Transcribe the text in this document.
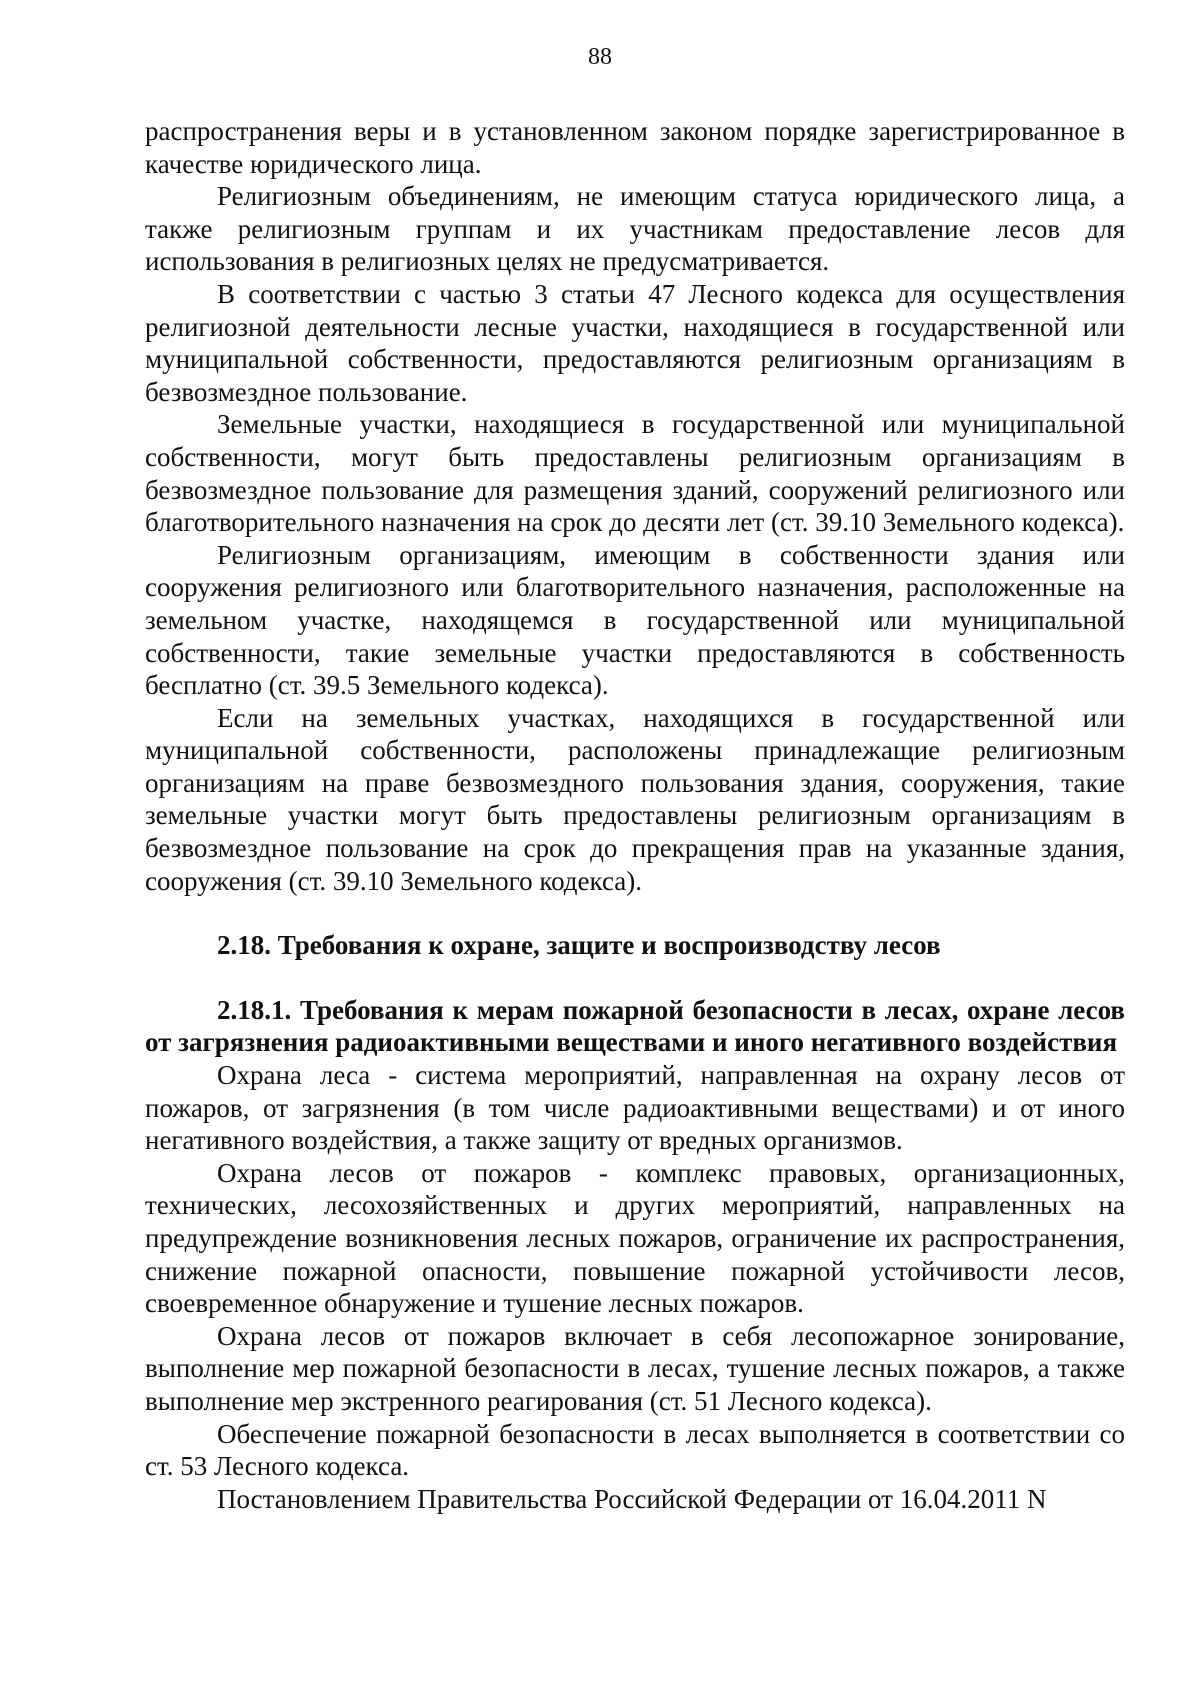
88

распространения веры и в установленном законом порядке зарегистрированное в качестве юридического лица.

Религиозным объединениям, не имеющим статуса юридического лица, а также религиозным группам и их участникам предоставление лесов для использования в религиозных целях не предусматривается.

В соответствии с частью 3 статьи 47 Лесного кодекса для осуществления религиозной деятельности лесные участки, находящиеся в государственной или муниципальной собственности, предоставляются религиозным организациям в безвозмездное пользование.

Земельные участки, находящиеся в государственной или муниципальной собственности, могут быть предоставлены религиозным организациям в безвозмездное пользование для размещения зданий, сооружений религиозного или благотворительного назначения на срок до десяти лет (ст. 39.10 Земельного кодекса).

Религиозным организациям, имеющим в собственности здания или сооружения религиозного или благотворительного назначения, расположенные на земельном участке, находящемся в государственной или муниципальной собственности, такие земельные участки предоставляются в собственность бесплатно (ст. 39.5 Земельного кодекса).

Если на земельных участках, находящихся в государственной или муниципальной собственности, расположены принадлежащие религиозным организациям на праве безвозмездного пользования здания, сооружения, такие земельные участки могут быть предоставлены религиозным организациям в безвозмездное пользование на срок до прекращения прав на указанные здания, сооружения (ст. 39.10 Земельного кодекса).

2.18. Требования к охране, защите и воспроизводству лесов

2.18.1. Требования к мерам пожарной безопасности в лесах, охране лесов от загрязнения радиоактивными веществами и иного негативного воздействия

Охрана леса - система мероприятий, направленная на охрану лесов от пожаров, от загрязнения (в том числе радиоактивными веществами) и от иного негативного воздействия, а также защиту от вредных организмов.

Охрана лесов от пожаров - комплекс правовых, организационных, технических, лесохозяйственных и других мероприятий, направленных на предупреждение возникновения лесных пожаров, ограничение их распространения, снижение пожарной опасности, повышение пожарной устойчивости лесов, своевременное обнаружение и тушение лесных пожаров.

Охрана лесов от пожаров включает в себя лесопожарное зонирование, выполнение мер пожарной безопасности в лесах, тушение лесных пожаров, а также выполнение мер экстренного реагирования (ст. 51 Лесного кодекса).

Обеспечение пожарной безопасности в лесах выполняется в соответствии со ст. 53 Лесного кодекса.

Постановлением Правительства Российской Федерации от 16.04.2011 N
